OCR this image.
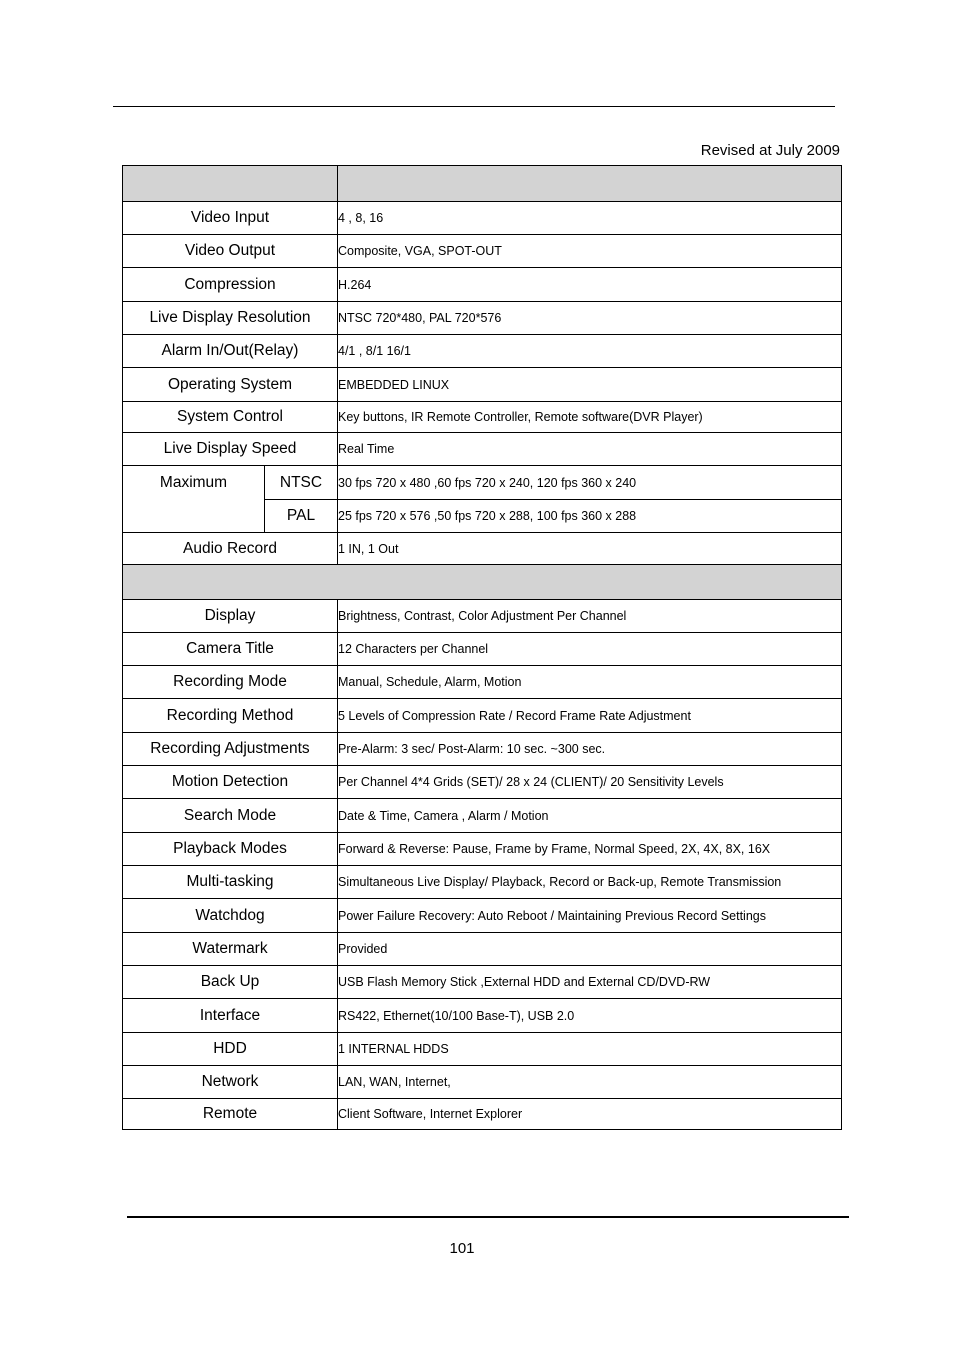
Revised at July 2009

Video Input		4 , 8, 16
Video Output		Composite, VGA, SPOT-OUT
Compression		H.264
Live Display Resolution		NTSC 720*480, PAL 720*576
Alarm In/Out(Relay)		4/1 , 8/1 16/1
Operating System		EMBEDDED LINUX
System Control		Key buttons, IR Remote Controller, Remote software(DVR Player)
Live Display Speed		Real Time
Maximum	NTSC	30 fps 720 x 480 ,60 fps 720 x 240, 120 fps 360 x 240
	PAL	25 fps 720 x 576 ,50 fps 720 x 288, 100 fps 360 x 288
Audio Record		1 IN, 1 Out

Display		Brightness, Contrast, Color Adjustment Per Channel
Camera Title		12 Characters per Channel
Recording Mode		Manual, Schedule, Alarm, Motion
Recording Method		5 Levels of Compression Rate / Record Frame Rate Adjustment
Recording Adjustments		Pre-Alarm: 3 sec/ Post-Alarm: 10 sec. ~300 sec.
Motion Detection		Per Channel 4*4 Grids (SET)/ 28 x 24 (CLIENT)/ 20 Sensitivity Levels
Search Mode		Date & Time, Camera , Alarm / Motion
Playback Modes		Forward & Reverse: Pause, Frame by Frame, Normal Speed, 2X, 4X, 8X, 16X
Multi-tasking		Simultaneous Live Display/ Playback, Record or Back-up, Remote Transmission
Watchdog		Power Failure Recovery: Auto Reboot / Maintaining Previous Record Settings
Watermark		Provided
Back Up		USB Flash Memory Stick ,External HDD and External CD/DVD-RW
Interface		RS422, Ethernet(10/100 Base-T), USB 2.0
HDD		1 INTERNAL HDDS
Network		LAN, WAN, Internet,
Remote		Client Software, Internet Explorer
101
